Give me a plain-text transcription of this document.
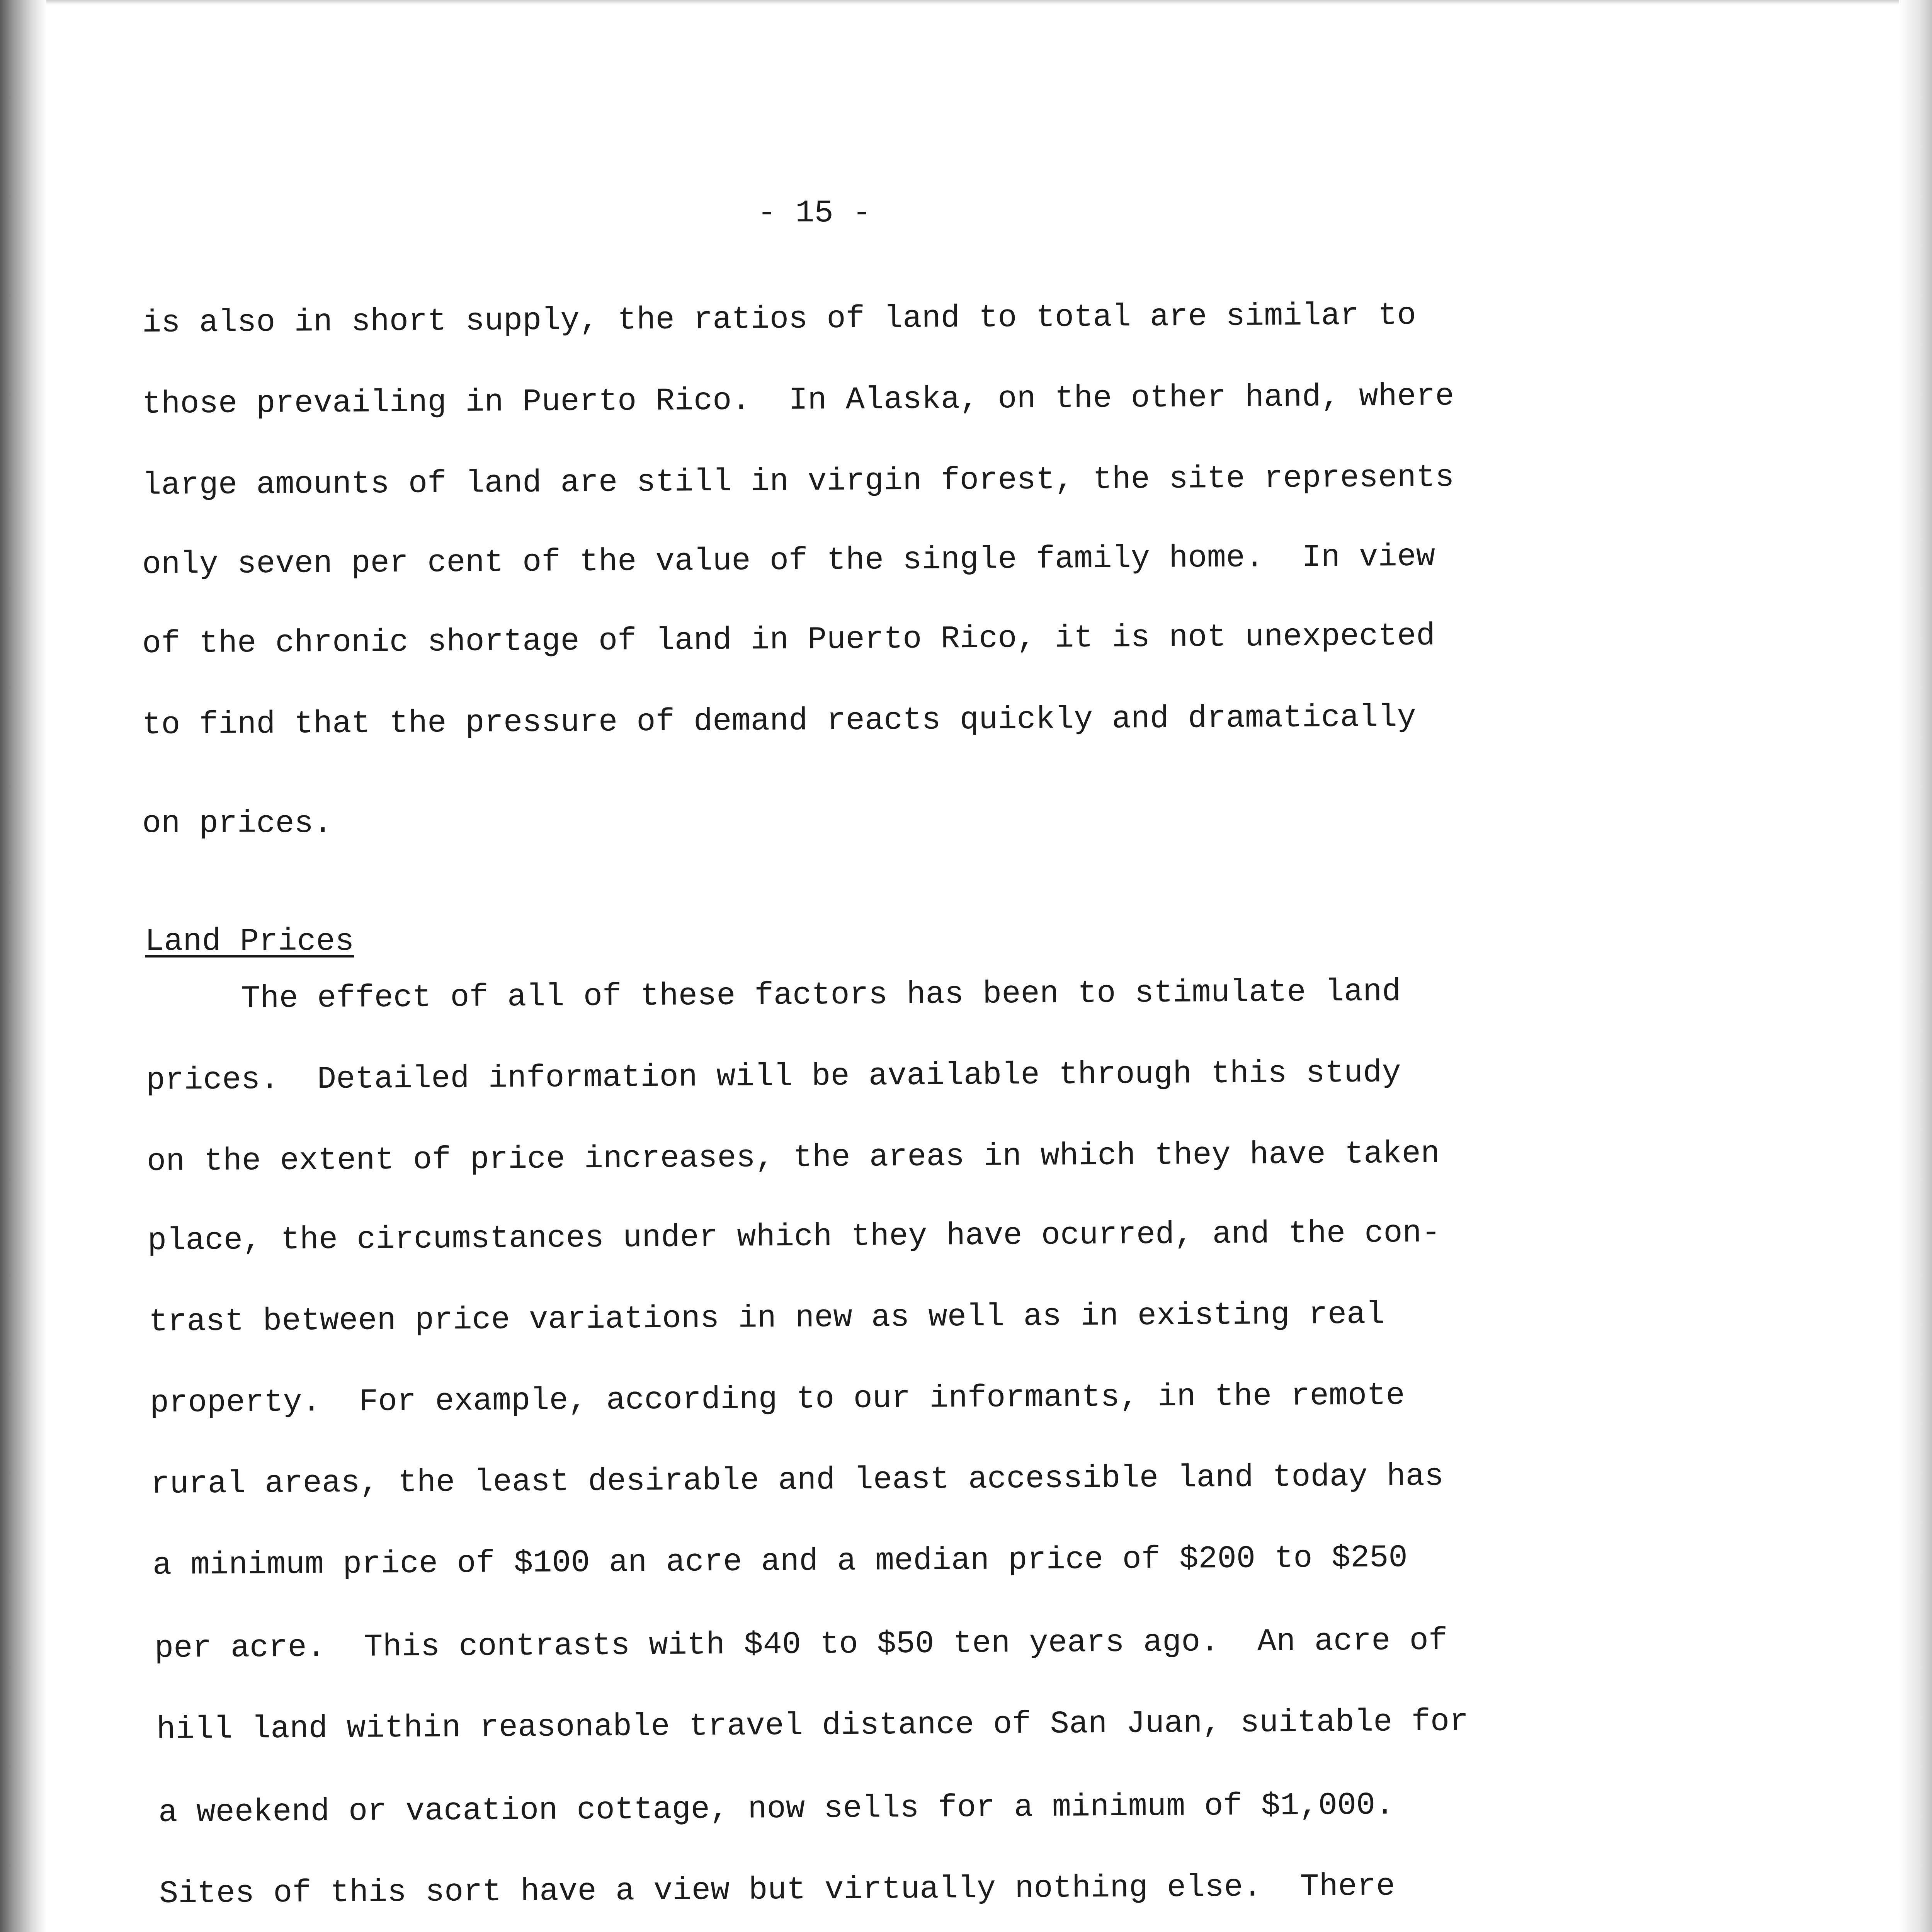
- 15 -
is also in short supply, the ratios of land to total are similar to
those prevailing in Puerto Rico.  In Alaska, on the other hand, where
large amounts of land are still in virgin forest, the site represents
only seven per cent of the value of the single family home.  In view
of the chronic shortage of land in Puerto Rico, it is not unexpected
to find that the pressure of demand reacts quickly and dramatically
on prices.
Land Prices
The effect of all of these factors has been to stimulate land
prices.  Detailed information will be available through this study
on the extent of price increases, the areas in which they have taken
place, the circumstances under which they have ocurred, and the con-
trast between price variations in new as well as in existing real
property.  For example, according to our informants, in the remote
rural areas, the least desirable and least accessible land today has
a minimum price of $100 an acre and a median price of $200 to $250
per acre.  This contrasts with $40 to $50 ten years ago.  An acre of
hill land within reasonable travel distance of San Juan, suitable for
a weekend or vacation cottage, now sells for a minimum of $1,000.
Sites of this sort have a view but virtually nothing else.  There
